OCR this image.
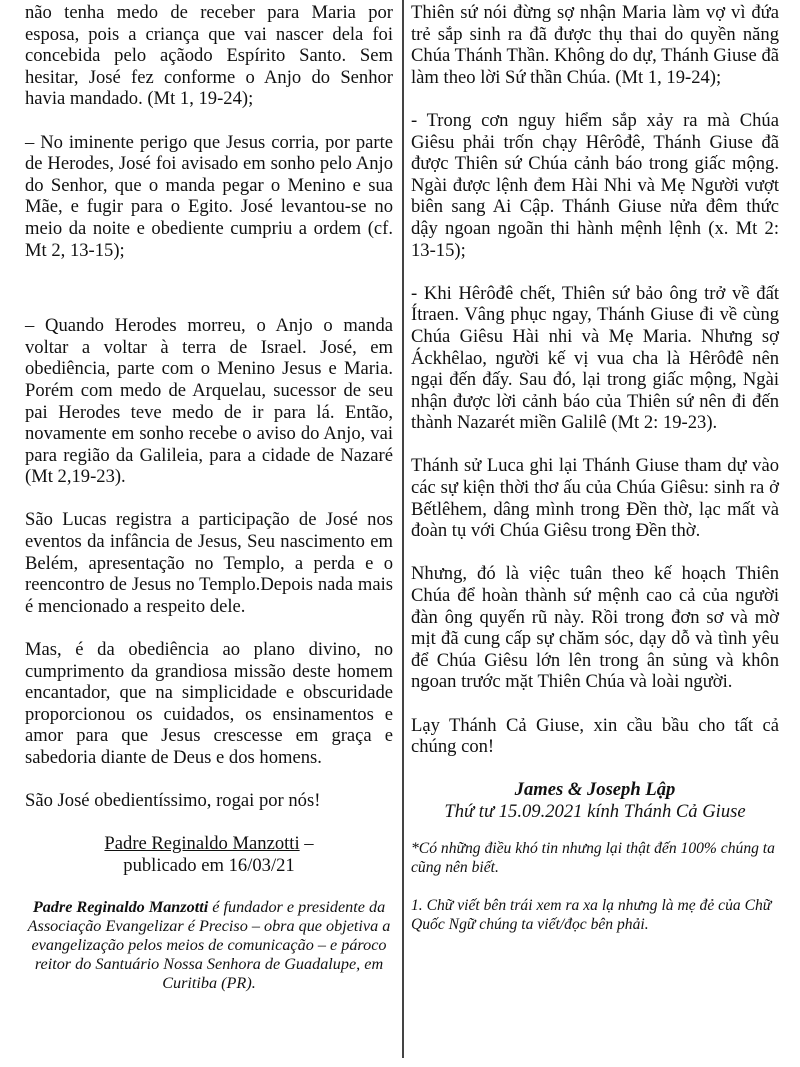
não tenha medo de receber para Maria por esposa, pois a criança que vai nascer dela foi concebida pelo açãodo Espírito Santo. Sem hesitar, José fez conforme o Anjo do Senhor havia mandado. (Mt 1, 19-24);

– No iminente perigo que Jesus corria, por parte de Herodes, José foi avisado em sonho pelo Anjo do Senhor, que o manda pegar o Menino e sua Mãe, e fugir para o Egito. José levantou-se no meio da noite e obediente cumpriu a ordem (cf. Mt 2, 13-15);

– Quando Herodes morreu, o Anjo o manda voltar a voltar à terra de Israel. José, em obediência, parte com o Menino Jesus e Maria. Porém com medo de Arquelau, sucessor de seu pai Herodes teve medo de ir para lá. Então, novamente em sonho recebe o aviso do Anjo, vai para região da Galileia, para a cidade de Nazaré (Mt 2,19-23).

São Lucas registra a participação de José nos eventos da infância de Jesus, Seu nascimento em Belém, apresentação no Templo, a perda e o reencontro de Jesus no Templo.Depois nada mais é mencionado a respeito dele.

Mas, é da obediência ao plano divino, no cumprimento da grandiosa missão deste homem encantador, que na simplicidade e obscuridade proporcionou os cuidados, os ensinamentos e amor para que Jesus crescesse em graça e sabedoria diante de Deus e dos homens.

São José obedientíssimo, rogai por nós!

Padre Reginaldo Manzotti –
publicado em 16/03/21

Padre Reginaldo Manzotti é fundador e presidente da Associação Evangelizar é Preciso – obra que objetiva a evangelização pelos meios de comunicação – e pároco reitor do Santuário Nossa Senhora de Guadalupe, em Curitiba (PR).

Thiên sứ nói đừng sợ nhận Maria làm vợ vì đứa trẻ sắp sinh ra đã được thụ thai do quyền năng Chúa Thánh Thần. Không do dự, Thánh Giuse đã làm theo lời Sứ thần Chúa. (Mt 1, 19-24);

- Trong cơn nguy hiểm sắp xảy ra mà Chúa Giêsu phải trốn chạy Hêrôđê, Thánh Giuse đã được Thiên sứ Chúa cảnh báo trong giấc mộng. Ngài được lệnh đem Hài Nhi và Mẹ Người vượt biên sang Ai Cập. Thánh Giuse nửa đêm thức dậy ngoan ngoãn thi hành mệnh lệnh (x. Mt 2: 13-15);

- Khi Hêrôđê chết, Thiên sứ bảo ông trở về đất Ítraen. Vâng phục ngay, Thánh Giuse đi về cùng Chúa Giêsu Hài nhi và Mẹ Maria. Nhưng sợ Áckhêlao, người kế vị vua cha là Hêrôđê nên ngại đến đấy. Sau đó, lại trong giấc mộng, Ngài nhận được lời cảnh báo của Thiên sứ nên đi đến thành Nazarét miền Galilê (Mt 2: 19-23).

Thánh sử Luca ghi lại Thánh Giuse tham dự vào các sự kiện thời thơ ấu của Chúa Giêsu: sinh ra ở Bếtlêhem, dâng mình trong Đền thờ, lạc mất và đoàn tụ với Chúa Giêsu trong Đền thờ.

Nhưng, đó là việc tuân theo kế hoạch Thiên Chúa để hoàn thành sứ mệnh cao cả của người đàn ông quyến rũ này. Rồi trong đơn sơ và mờ mịt đã cung cấp sự chăm sóc, dạy dỗ và tình yêu để Chúa Giêsu lớn lên trong ân sủng và khôn ngoan trước mặt Thiên Chúa và loài người.

Lạy Thánh Cả Giuse, xin cầu bầu cho tất cả chúng con!

James & Joseph Lập

Thứ tư 15.09.2021 kính Thánh Cả Giuse

*Có những điều khó tin nhưng lại thật đến 100% chúng ta cũng nên biết.

1. Chữ viết bên trái xem ra xa lạ nhưng là mẹ đẻ của Chữ Quốc Ngữ chúng ta viết/đọc bên phải.
